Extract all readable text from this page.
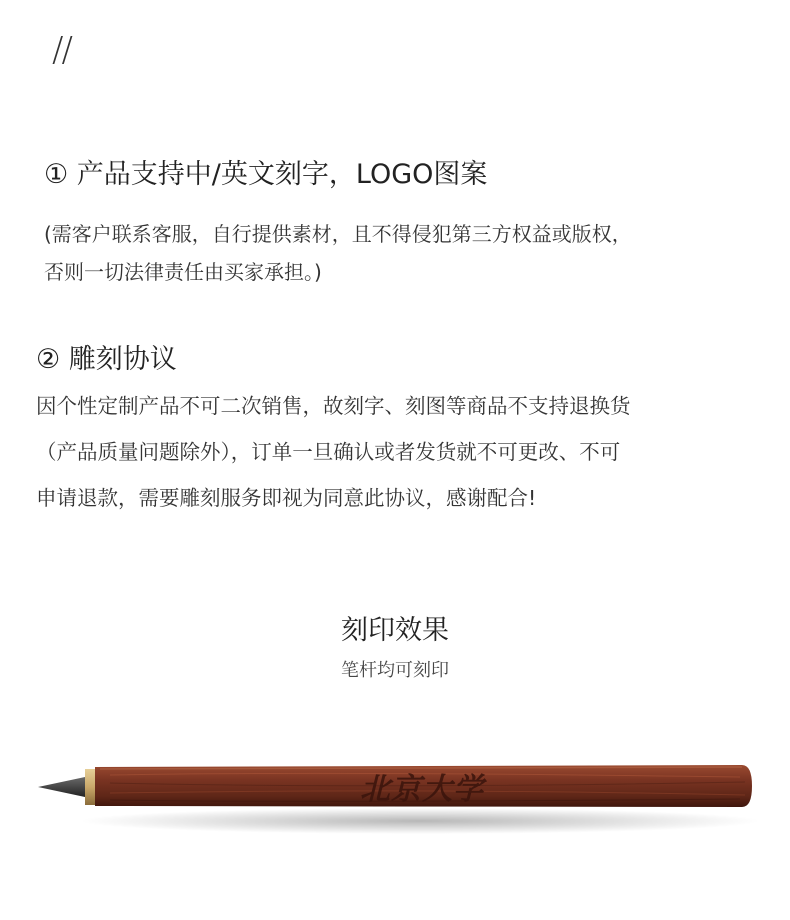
//
① 产品支持中/英文刻字，LOGO图案
(需客户联系客服，自行提供素材，且不得侵犯第三方权益或版权，
否则一切法律责任由买家承担。)
② 雕刻协议
因个性定制产品不可二次销售，故刻字、刻图等商品不支持退换货
（产品质量问题除外），订单一旦确认或者发货就不可更改、不可
申请退款，需要雕刻服务即视为同意此协议，感谢配合!
刻印效果
笔杆均可刻印
北京大学
